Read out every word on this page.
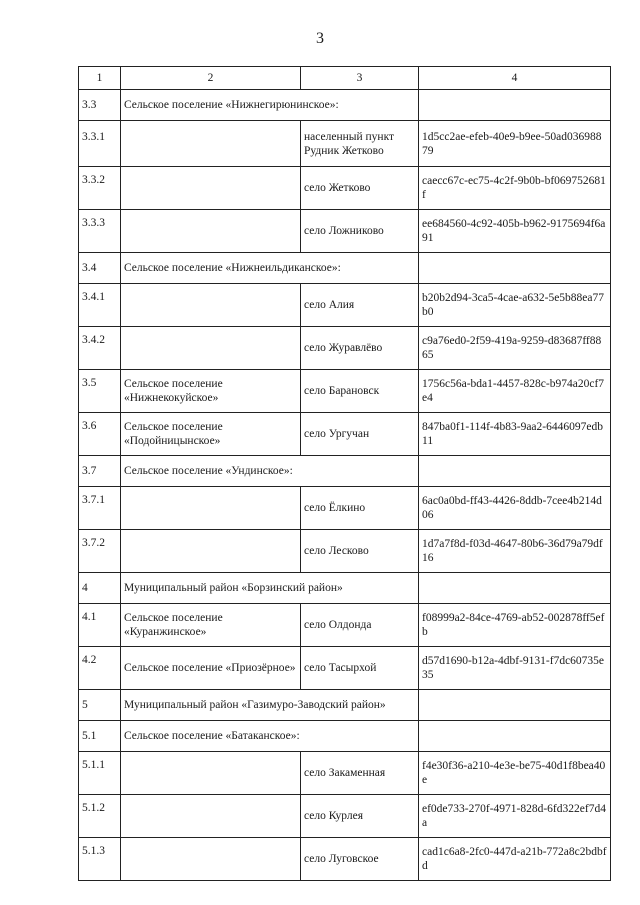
3
1	2	3	4
3.3	Сельское поселение «Нижнегирюнинское»:		
3.3.1		населенный пункт Рудник Жетково	1d5cc2ae-efeb-40e9-b9ee-50ad03698879
3.3.2		село Жетково	caecc67c-ec75-4c2f-9b0b-bf069752681f
3.3.3		село Ложниково	ee684560-4c92-405b-b962-9175694f6a91
3.4	Сельское поселение «Нижнеильдиканское»:		
3.4.1		село Алия	b20b2d94-3ca5-4cae-a632-5e5b88ea77b0
3.4.2		село Журавлёво	c9a76ed0-2f59-419a-9259-d83687ff8865
3.5	Сельское поселение «Нижнекокуйское»	село Барановск	1756c56a-bda1-4457-828c-b974a20cf7e4
3.6	Сельское поселение «Подойницынское»	село Ургучан	847ba0f1-114f-4b83-9aa2-6446097edb11
3.7	Сельское поселение «Ундинское»:		
3.7.1		село Ёлкино	6ac0a0bd-ff43-4426-8ddb-7cee4b214d06
3.7.2		село Лесково	1d7a7f8d-f03d-4647-80b6-36d79a79df16
4	Муниципальный район «Борзинский район»		
4.1	Сельское поселение «Куранжинское»	село Олдонда	f08999a2-84ce-4769-ab52-002878ff5efb
4.2	Сельское поселение «Приозёрное»	село Тасырхой	d57d1690-b12a-4dbf-9131-f7dc60735e35
5	Муниципальный район «Газимуро-Заводский район»		
5.1	Сельское поселение «Батаканское»:		
5.1.1		село Закаменная	f4e30f36-a210-4e3e-be75-40d1f8bea40e
5.1.2		село Курлея	ef0de733-270f-4971-828d-6fd322ef7d4a
5.1.3		село Луговское	cad1c6a8-2fc0-447d-a21b-772a8c2bdbfd
